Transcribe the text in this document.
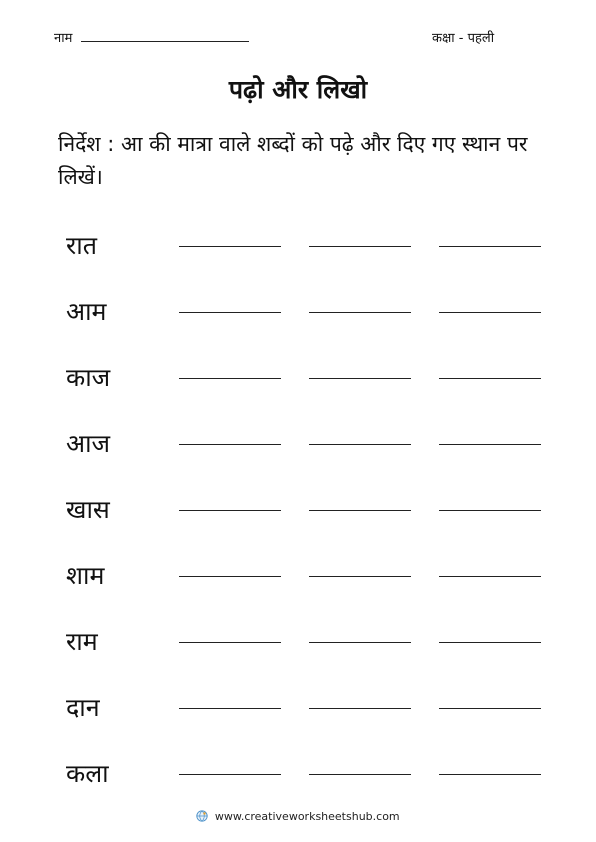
नाम	कक्षा - पहली
पढ़ो और लिखो
निर्देश : आ की मात्रा वाले शब्दों को पढ़े और दिए गए स्थान पर लिखें।
रात
आम
काज
आज
खास
शाम
राम
दान
कला
www.creativeworksheetshub.com
